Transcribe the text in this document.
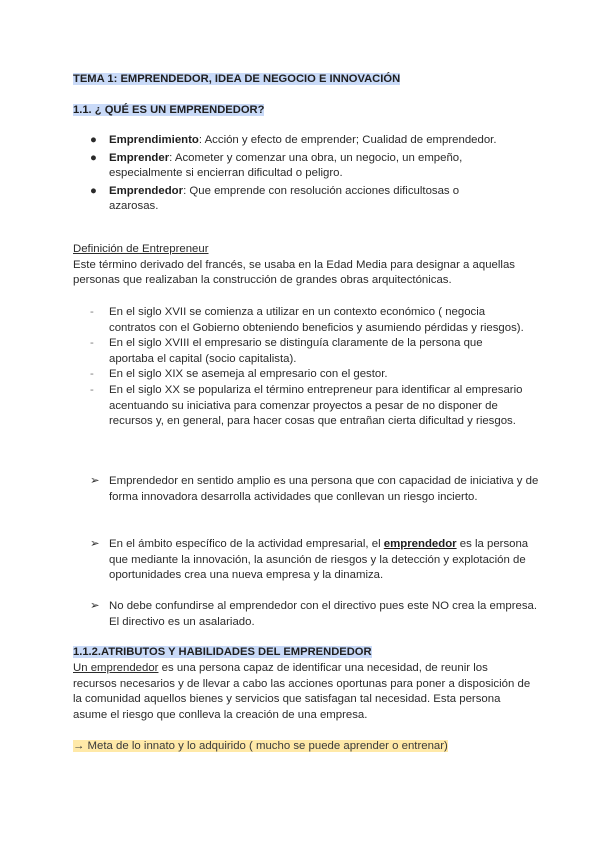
TEMA 1: EMPRENDEDOR, IDEA DE NEGOCIO E INNOVACIÓN
1.1. ¿ QUÉ ES UN EMPRENDEDOR?
● Emprendimiento: Acción y efecto de emprender; Cualidad de emprendedor.
● Emprender: Acometer y comenzar una obra, un negocio, un empeño, especialmente si encierran dificultad o peligro.
● Emprendedor: Que emprende con resolución acciones dificultosas o azarosas.
Definición de Entrepreneur
Este término derivado del francés, se usaba en la Edad Media para designar a aquellas personas que realizaban la construcción de grandes obras arquitectónicas.
- En el siglo XVII se comienza a utilizar en un contexto económico ( negocia contratos con el Gobierno obteniendo beneficios y asumiendo pérdidas y riesgos).
- En el siglo XVIII el empresario se distinguía claramente de la persona que aportaba el capital (socio capitalista).
- En el siglo XIX se asemeja al empresario con el gestor.
- En el siglo XX se populariza el término entrepreneur para identificar al empresario acentuando su iniciativa para comenzar proyectos a pesar de no disponer de recursos y, en general, para hacer cosas que entrañan cierta dificultad y riesgos.
➢ Emprendedor en sentido amplio es una persona que con capacidad de iniciativa y de forma innovadora desarrolla actividades que conllevan un riesgo incierto.
➢ En el ámbito específico de la actividad empresarial, el emprendedor es la persona que mediante la innovación, la asunción de riesgos y la detección y explotación de oportunidades crea una nueva empresa y la dinamiza.
➢ No debe confundirse al emprendedor con el directivo pues este NO crea la empresa. El directivo es un asalariado.
1.1.2.ATRIBUTOS Y HABILIDADES DEL EMPRENDEDOR
Un emprendedor es una persona capaz de identificar una necesidad, de reunir los recursos necesarios y de llevar a cabo las acciones oportunas para poner a disposición de la comunidad aquellos bienes y servicios que satisfagan tal necesidad. Esta persona asume el riesgo que conlleva la creación de una empresa.
→ Meta de lo innato y lo adquirido ( mucho se puede aprender o entrenar)
